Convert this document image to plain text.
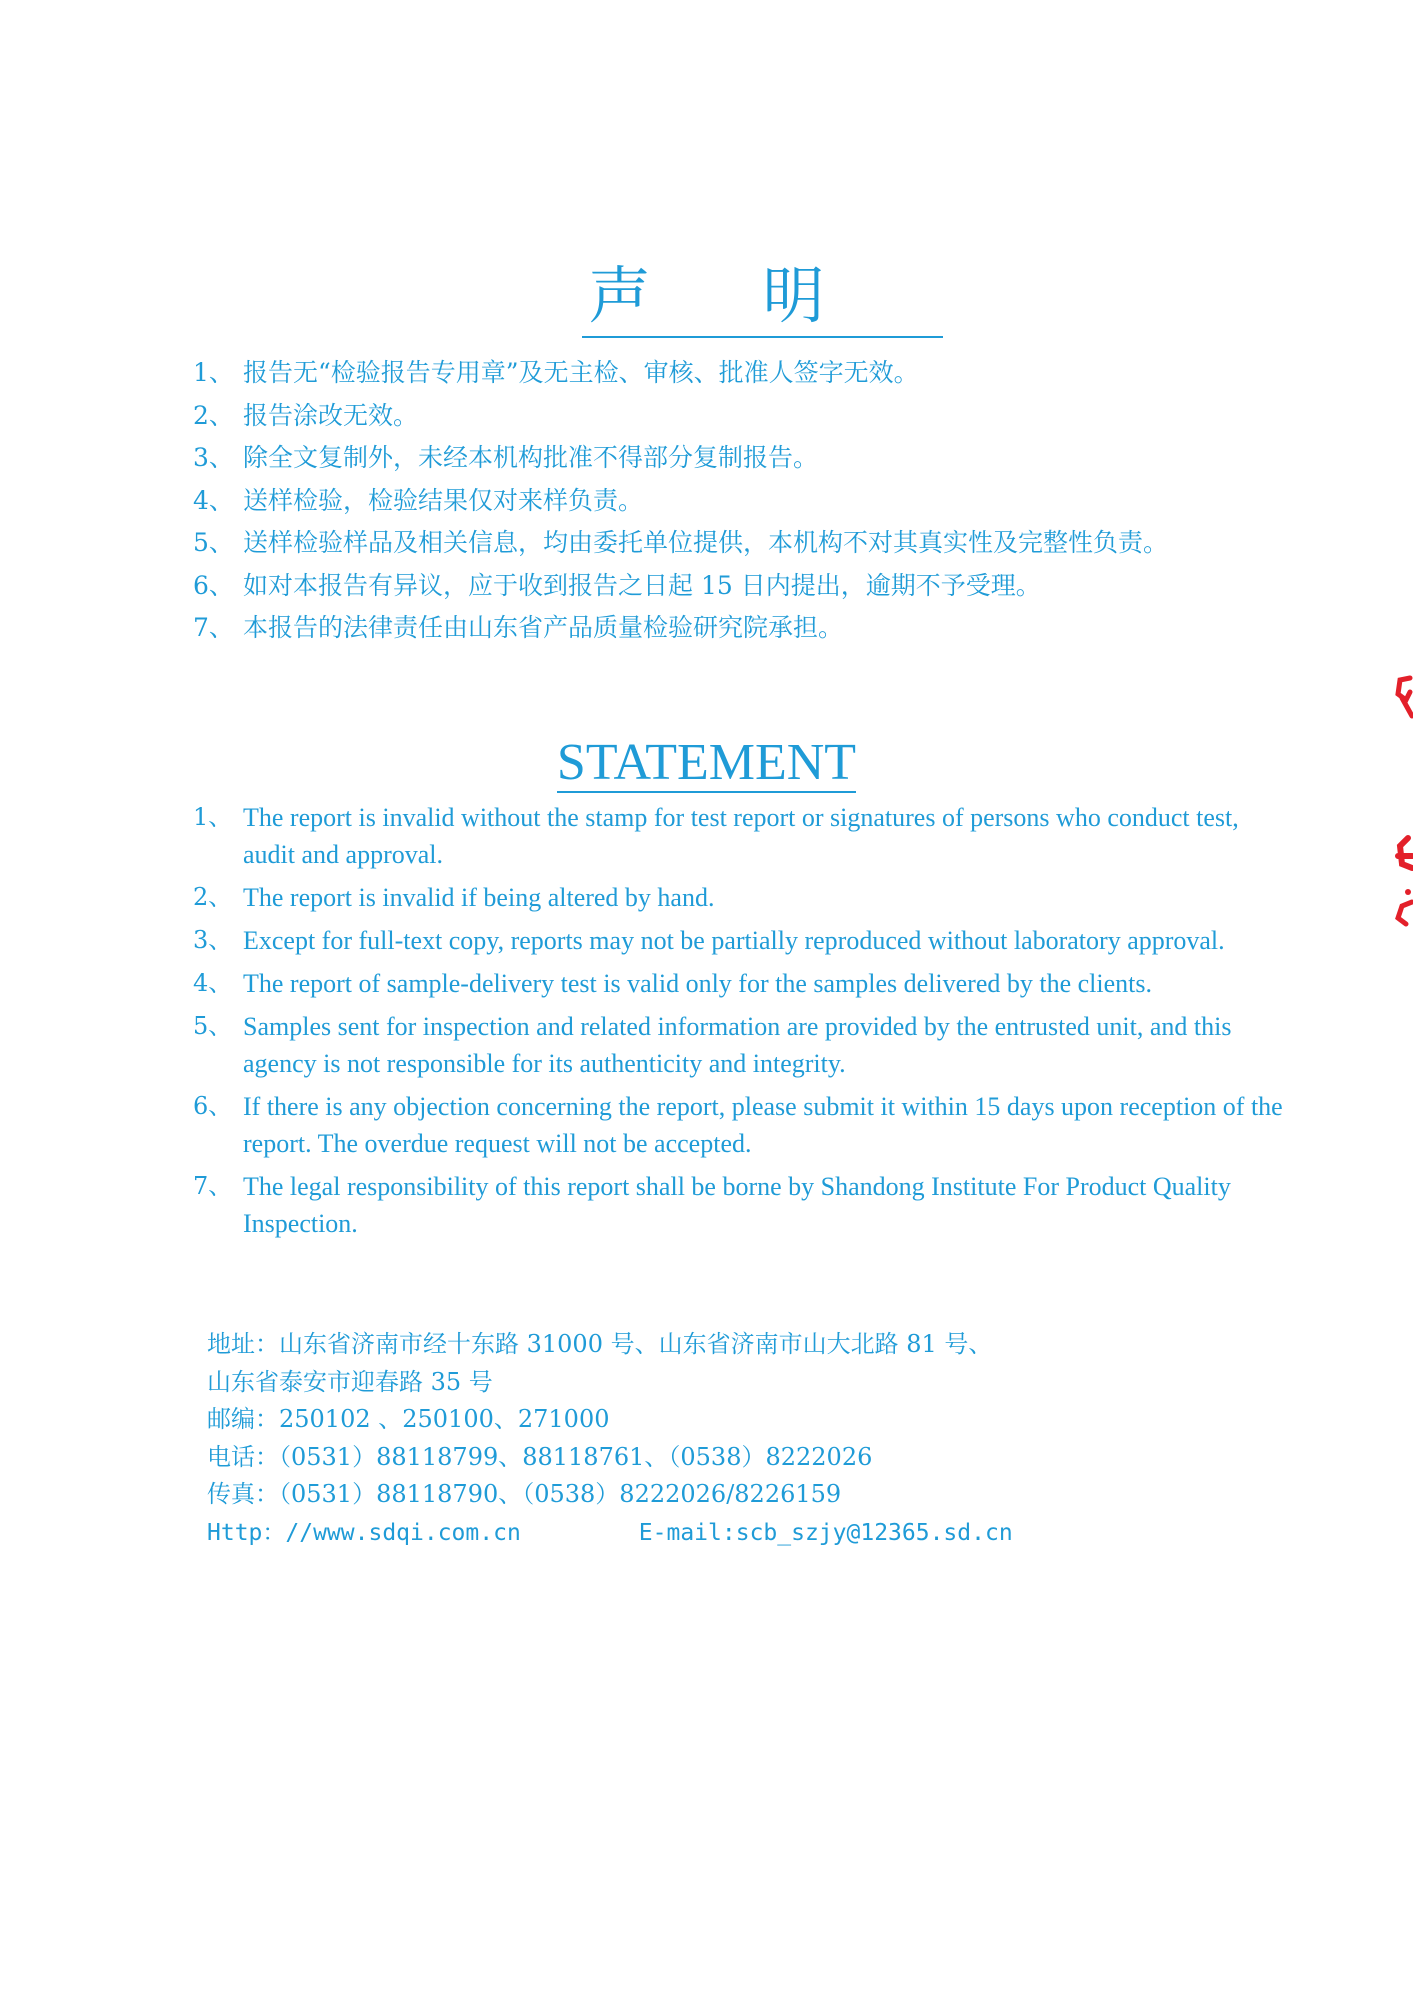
声明
1、 报告无“检验报告专用章”及无主检、审核、批准人签字无效。
2、 报告涂改无效。
3、 除全文复制外，未经本机构批准不得部分复制报告。
4、 送样检验，检验结果仅对来样负责。
5、 送样检验样品及相关信息，均由委托单位提供，本机构不对其真实性及完整性负责。
6、 如对本报告有异议，应于收到报告之日起 15 日内提出，逾期不予受理。
7、 本报告的法律责任由山东省产品质量检验研究院承担。
STATEMENT
1、 The report is invalid without the stamp for test report or signatures of persons who conduct test, audit and approval.
2、 The report is invalid if being altered by hand.
3、 Except for full-text copy, reports may not be partially reproduced without laboratory approval.
4、 The report of sample-delivery test is valid only for the samples delivered by the clients.
5、 Samples sent for inspection and related information are provided by the entrusted unit, and this agency is not responsible for its authenticity and integrity.
6、 If there is any objection concerning the report, please submit it within 15 days upon reception of the report. The overdue request will not be accepted.
7、 The legal responsibility of this report shall be borne by Shandong Institute For Product Quality Inspection.
地址：山东省济南市经十东路 31000 号、山东省济南市山大北路 81 号、
山东省泰安市迎春路 35 号
邮编：250102 、250100、271000
电话：（0531）88118799、88118761、（0538）8222026
传真：（0531）88118790、（0538）8222026/8226159
Http：//www.sdqi.com.cn	E-mail:scb_szjy@12365.sd.cn
